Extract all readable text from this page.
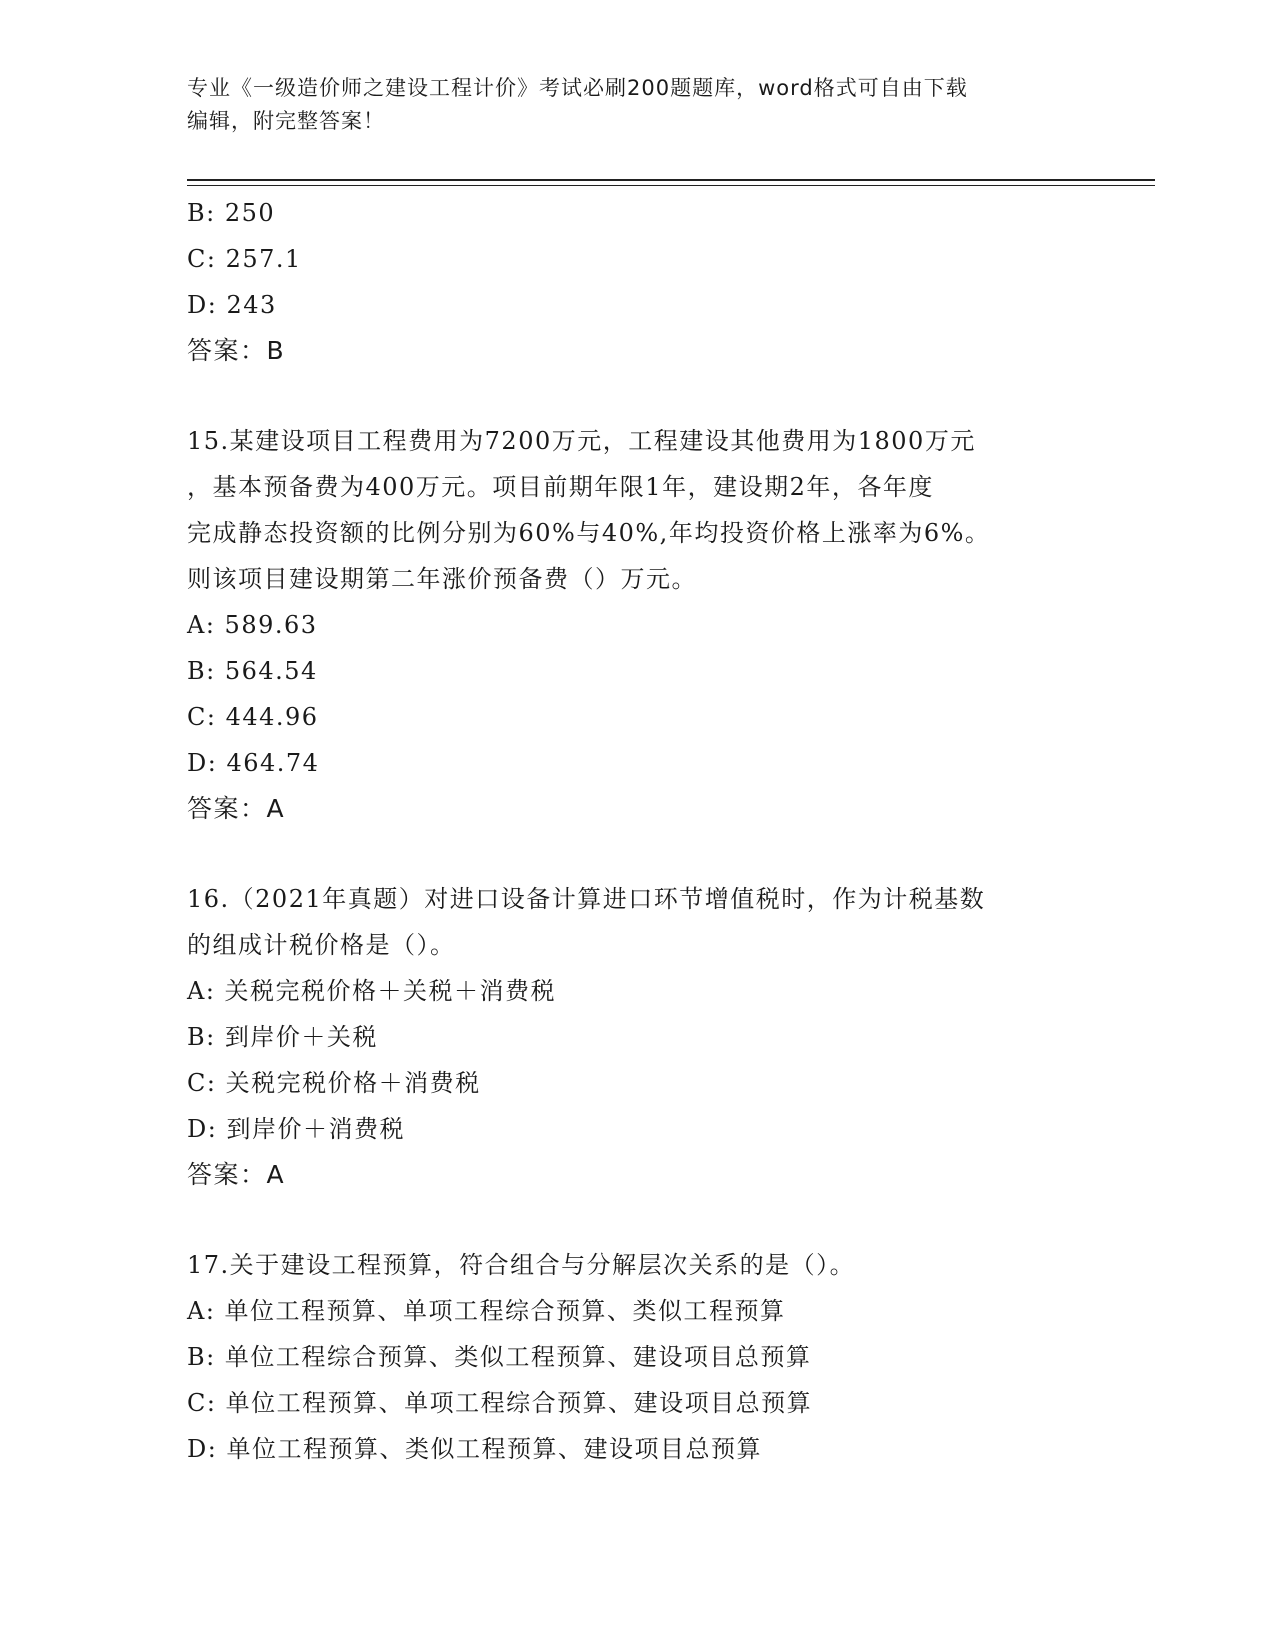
专业《一级造价师之建设工程计价》考试必刷200题题库，word格式可自由下载
编辑，附完整答案！
B: 250
C: 257.1
D: 243
答案：B
15.某建设项目工程费用为7200万元，工程建设其他费用为1800万元
，基本预备费为400万元。项目前期年限1年，建设期2年，各年度
完成静态投资额的比例分别为60%与40%,年均投资价格上涨率为6%。
则该项目建设期第二年涨价预备费（）万元。
A: 589.63
B: 564.54
C: 444.96
D: 464.74
答案：A
16.（2021年真题）对进口设备计算进口环节增值税时，作为计税基数
的组成计税价格是（）。
A: 关税完税价格＋关税＋消费税
B: 到岸价＋关税
C: 关税完税价格＋消费税
D: 到岸价＋消费税
答案：A
17.关于建设工程预算，符合组合与分解层次关系的是（）。
A: 单位工程预算、单项工程综合预算、类似工程预算
B: 单位工程综合预算、类似工程预算、建设项目总预算
C: 单位工程预算、单项工程综合预算、建设项目总预算
D: 单位工程预算、类似工程预算、建设项目总预算
